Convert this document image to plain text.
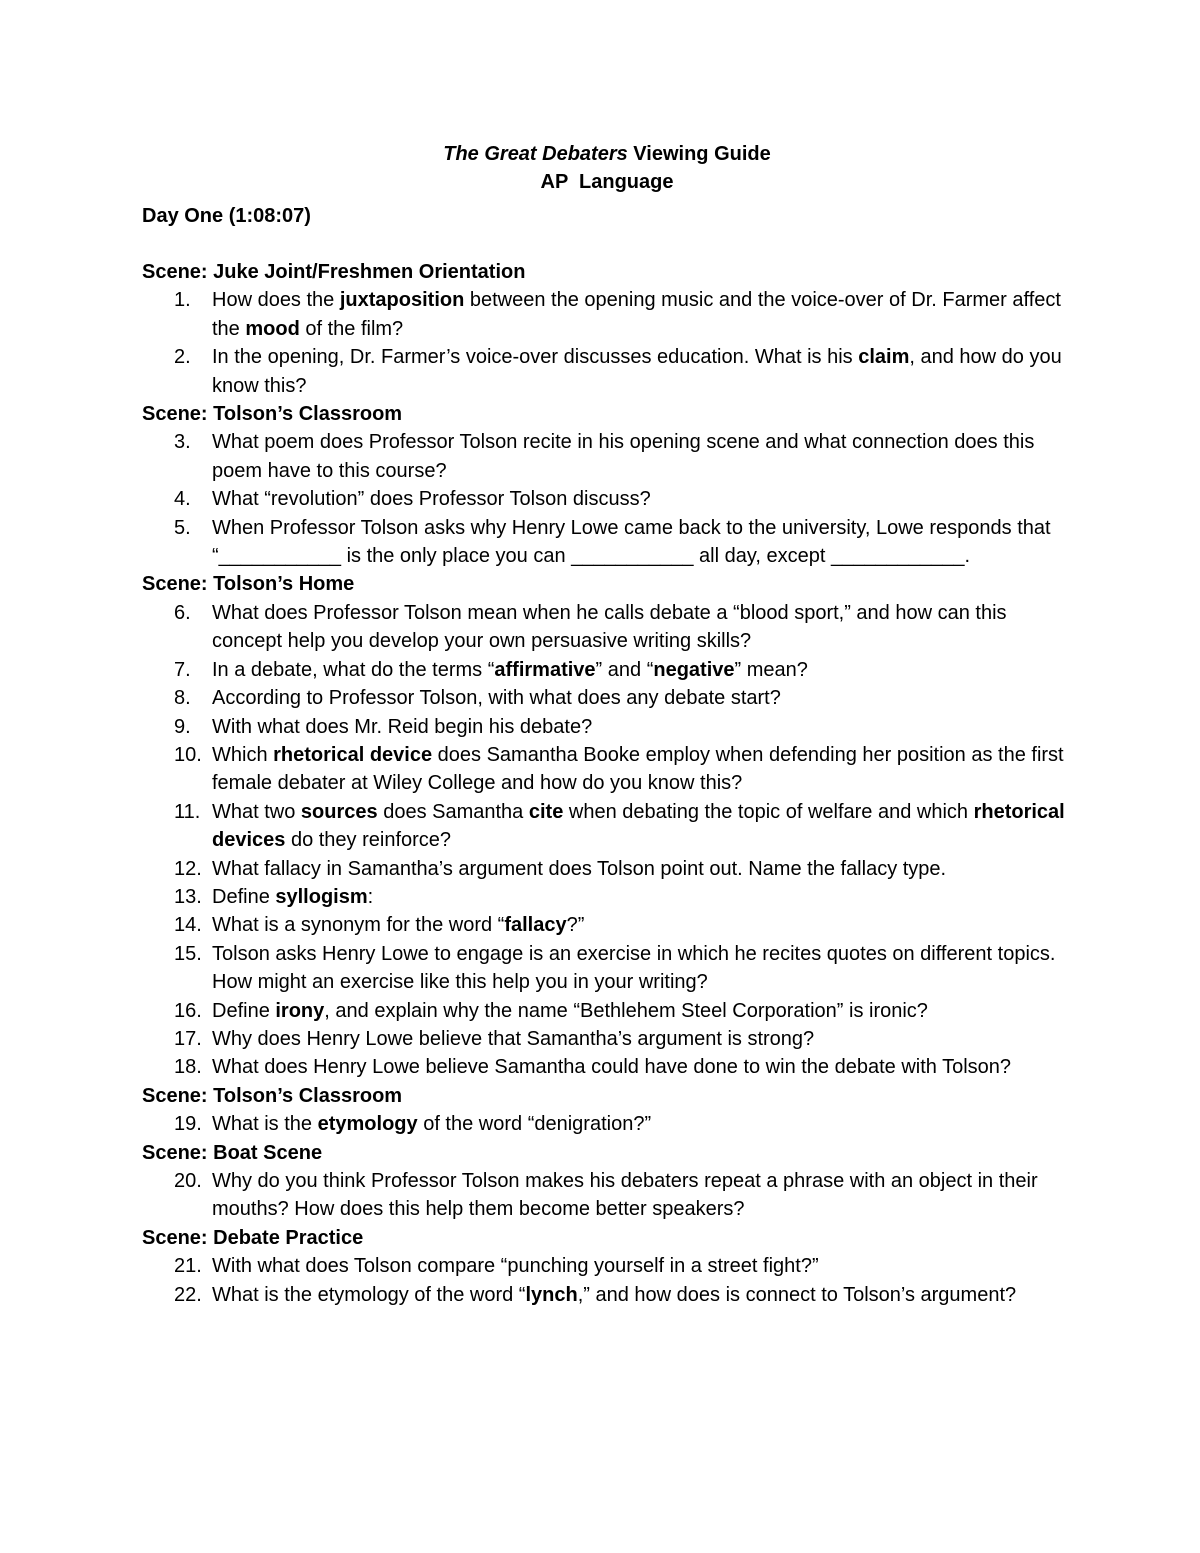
The Great Debaters Viewing Guide

AP  Language

Day One (1:08:07)

Scene: Juke Joint/Freshmen Orientation

1. How does the juxtaposition between the opening music and the voice-over of Dr. Farmer affect the mood of the film?
2. In the opening, Dr. Farmer’s voice-over discusses education. What is his claim, and how do you know this?

Scene: Tolson’s Classroom

3. What poem does Professor Tolson recite in his opening scene and what connection does this poem have to this course?
4. What “revolution” does Professor Tolson discuss?
5. When Professor Tolson asks why Henry Lowe came back to the university, Lowe responds that “___________ is the only place you can ___________ all day, except ____________.

Scene: Tolson’s Home

6. What does Professor Tolson mean when he calls debate a “blood sport,” and how can this concept help you develop your own persuasive writing skills?
7. In a debate, what do the terms “affirmative” and “negative” mean?
8. According to Professor Tolson, with what does any debate start?
9. With what does Mr. Reid begin his debate?
10. Which rhetorical device does Samantha Booke employ when defending her position as the first female debater at Wiley College and how do you know this?
11. What two sources does Samantha cite when debating the topic of welfare and which rhetorical devices do they reinforce?
12. What fallacy in Samantha’s argument does Tolson point out. Name the fallacy type.
13. Define syllogism:
14. What is a synonym for the word “fallacy?”
15. Tolson asks Henry Lowe to engage is an exercise in which he recites quotes on different topics. How might an exercise like this help you in your writing?
16. Define irony, and explain why the name “Bethlehem Steel Corporation” is ironic?
17. Why does Henry Lowe believe that Samantha’s argument is strong?
18. What does Henry Lowe believe Samantha could have done to win the debate with Tolson?

Scene: Tolson’s Classroom

19. What is the etymology of the word “denigration?”

Scene: Boat Scene

20. Why do you think Professor Tolson makes his debaters repeat a phrase with an object in their mouths? How does this help them become better speakers?

Scene: Debate Practice

21. With what does Tolson compare “punching yourself in a street fight?”
22. What is the etymology of the word “lynch,” and how does is connect to Tolson’s argument?
